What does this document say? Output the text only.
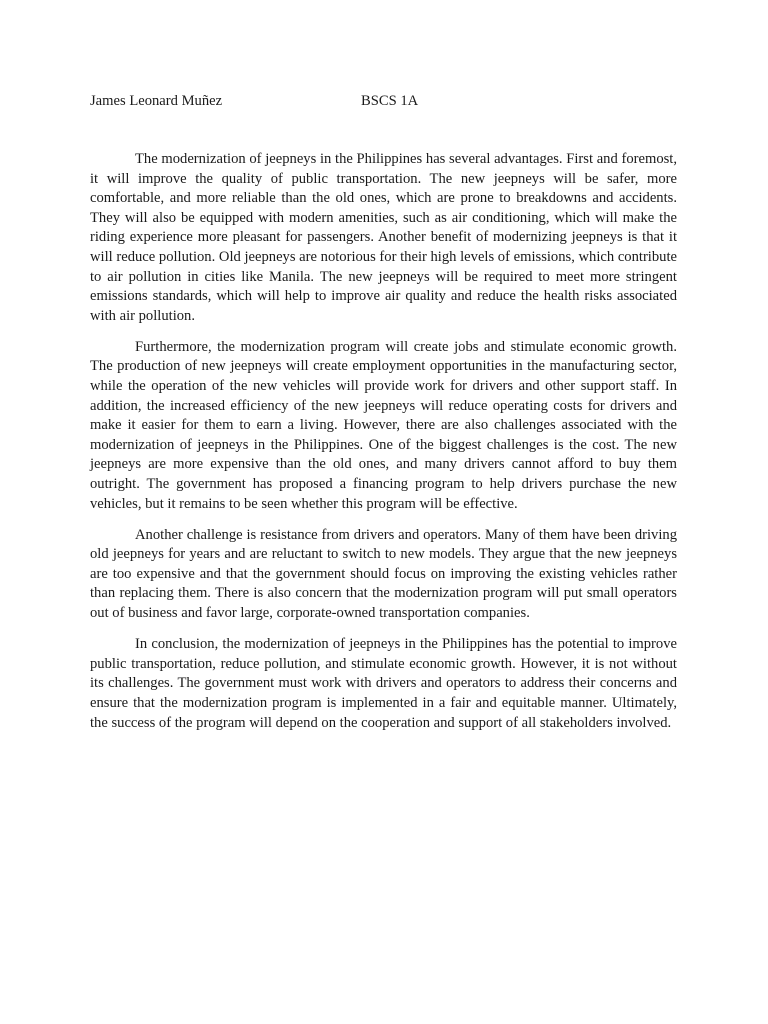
James Leonard Muñez	BSCS 1A

The modernization of jeepneys in the Philippines has several advantages. First and foremost, it will improve the quality of public transportation. The new jeepneys will be safer, more comfortable, and more reliable than the old ones, which are prone to breakdowns and accidents. They will also be equipped with modern amenities, such as air conditioning, which will make the riding experience more pleasant for passengers. Another benefit of modernizing jeepneys is that it will reduce pollution. Old jeepneys are notorious for their high levels of emissions, which contribute to air pollution in cities like Manila. The new jeepneys will be required to meet more stringent emissions standards, which will help to improve air quality and reduce the health risks associated with air pollution.

Furthermore, the modernization program will create jobs and stimulate economic growth. The production of new jeepneys will create employment opportunities in the manufacturing sector, while the operation of the new vehicles will provide work for drivers and other support staff. In addition, the increased efficiency of the new jeepneys will reduce operating costs for drivers and make it easier for them to earn a living. However, there are also challenges associated with the modernization of jeepneys in the Philippines. One of the biggest challenges is the cost. The new jeepneys are more expensive than the old ones, and many drivers cannot afford to buy them outright. The government has proposed a financing program to help drivers purchase the new vehicles, but it remains to be seen whether this program will be effective.

Another challenge is resistance from drivers and operators. Many of them have been driving old jeepneys for years and are reluctant to switch to new models. They argue that the new jeepneys are too expensive and that the government should focus on improving the existing vehicles rather than replacing them. There is also concern that the modernization program will put small operators out of business and favor large, corporate-owned transportation companies.

In conclusion, the modernization of jeepneys in the Philippines has the potential to improve public transportation, reduce pollution, and stimulate economic growth. However, it is not without its challenges. The government must work with drivers and operators to address their concerns and ensure that the modernization program is implemented in a fair and equitable manner. Ultimately, the success of the program will depend on the cooperation and support of all stakeholders involved.
